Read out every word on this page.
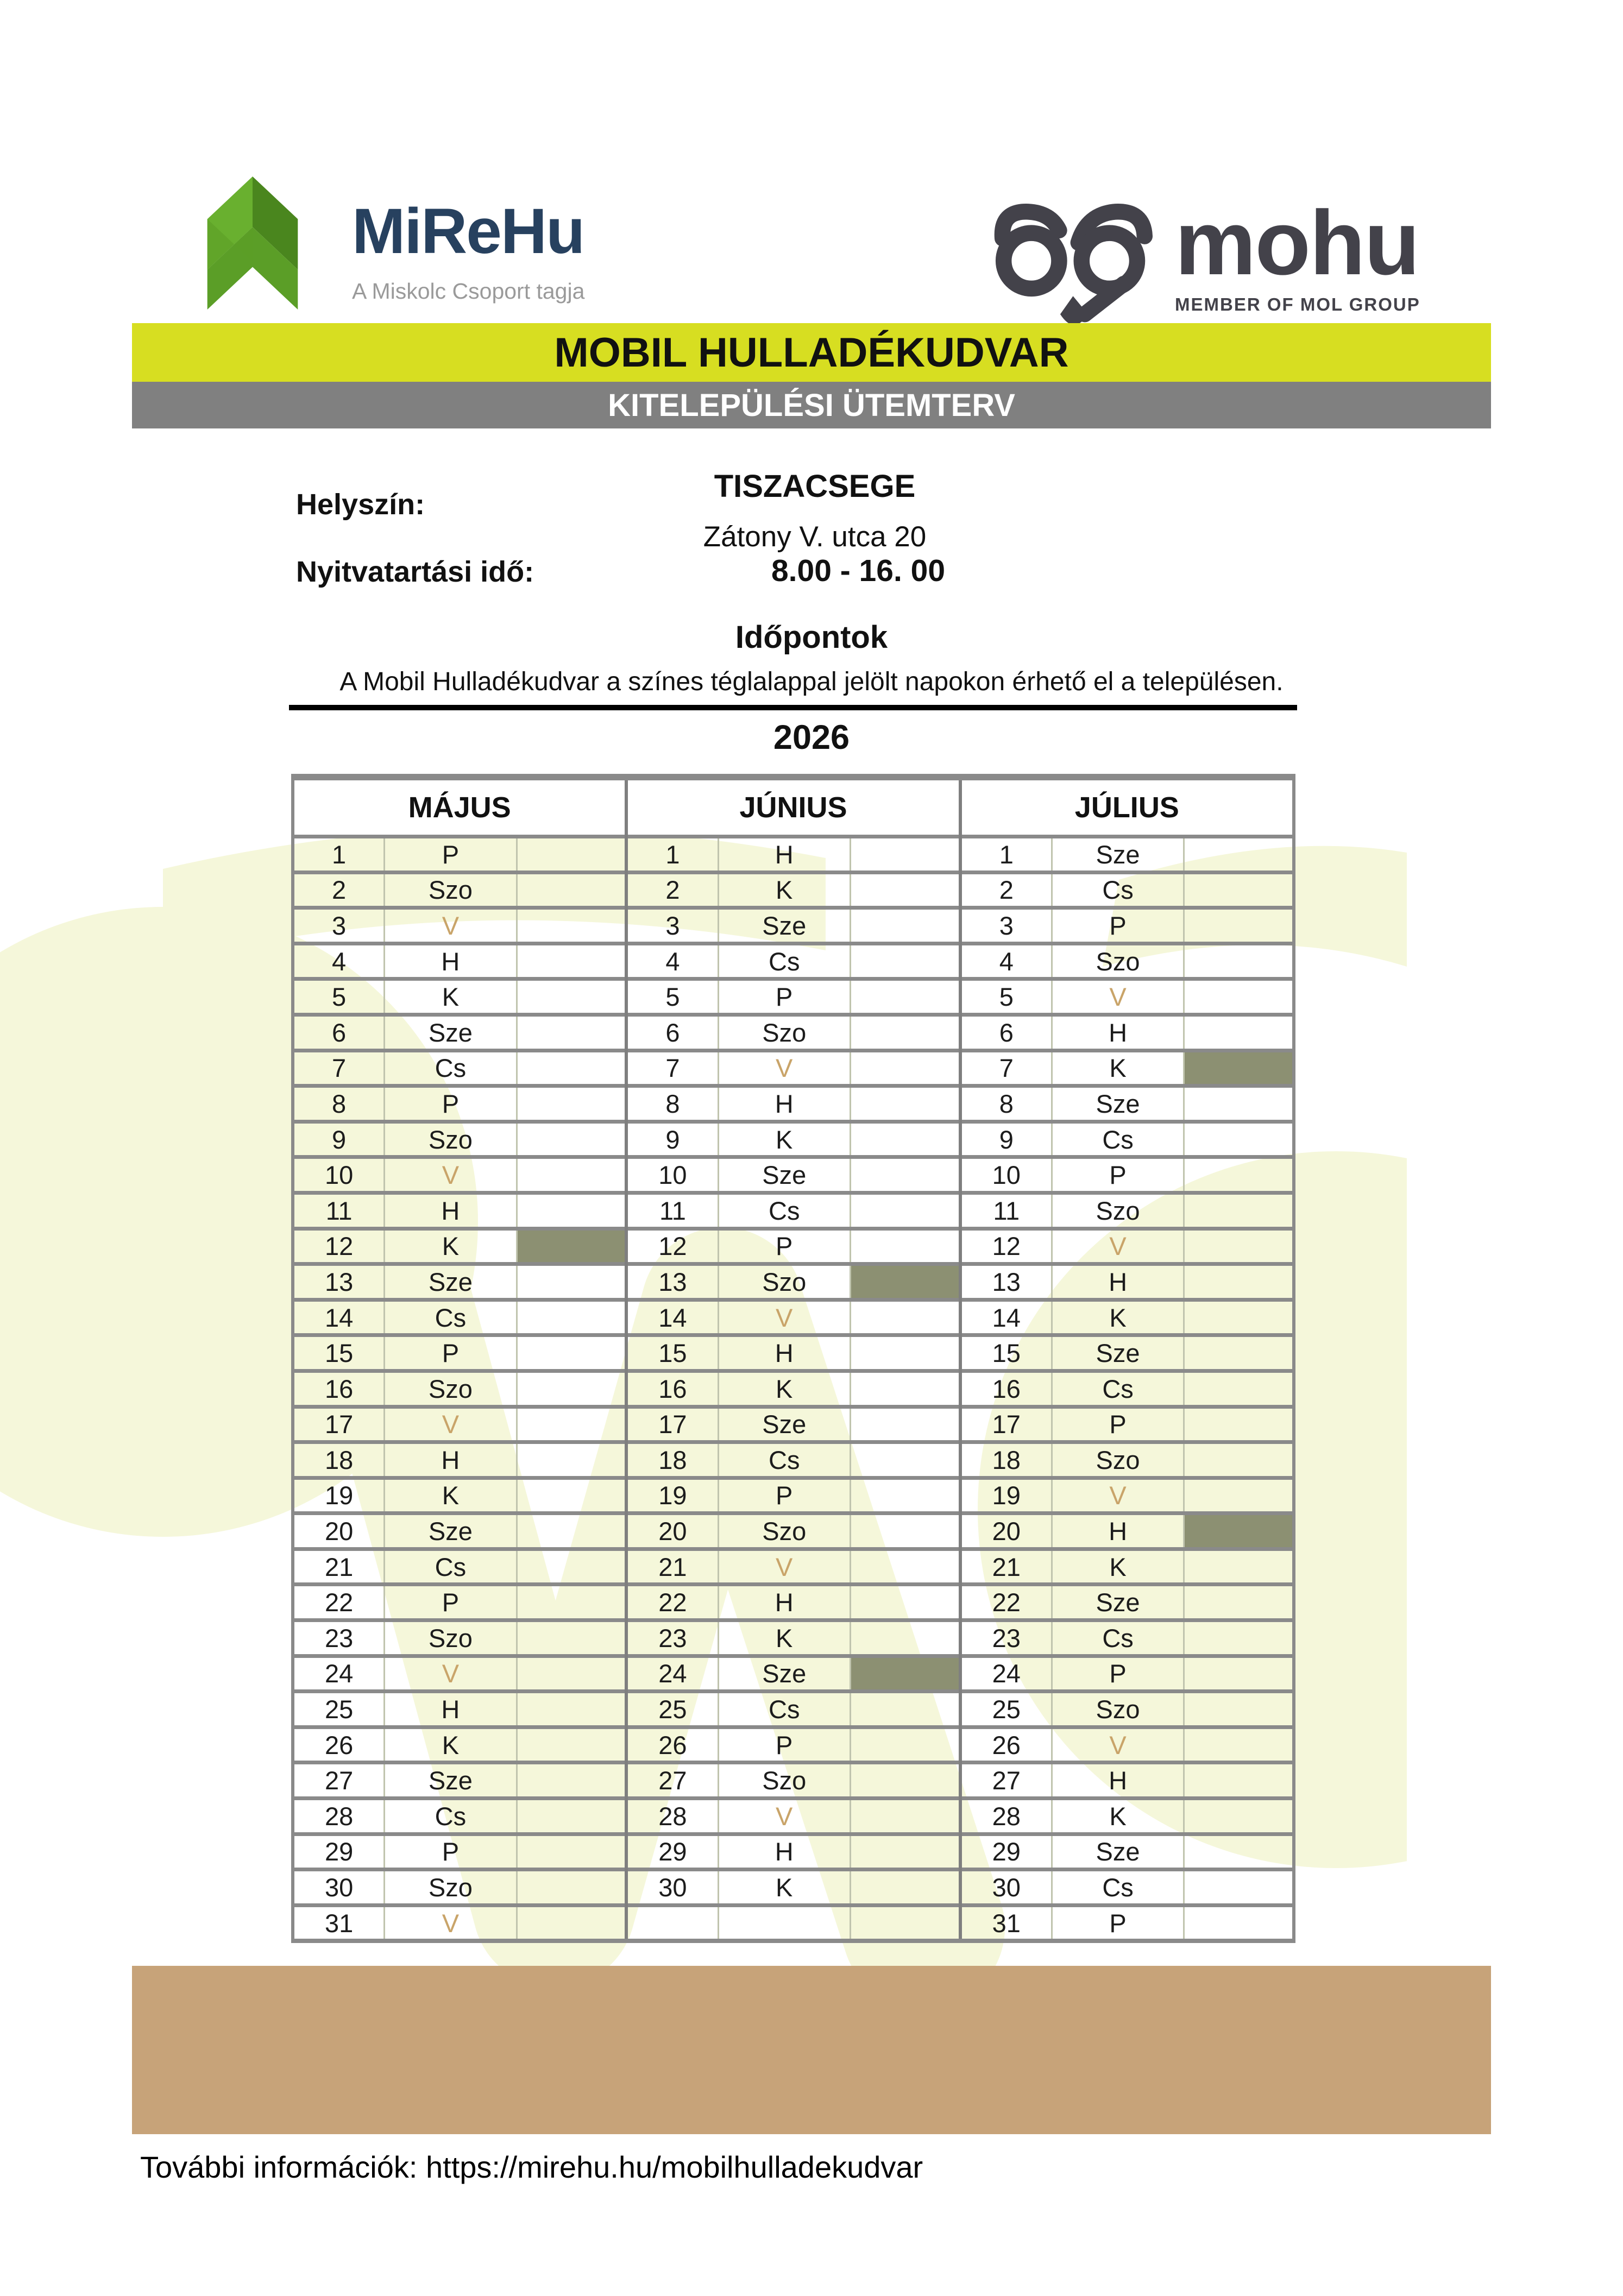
MiReHu
A Miskolc Csoport tagja	mohu
MEMBER OF MOL GROUP
MOBIL HULLADÉKUDVAR
KITELEPÜLÉSI ÜTEMTERV
Helyszín:
TISZACSEGE
Zátony V. utca 20
Nyitvatartási idő:	8.00 - 16. 00
Időpontok
A Mobil Hulladékudvar a színes téglalappal jelölt napokon érhető el a településen.
2026
MÁJUS
1	P
2	Szo
3	V
4	H
5	K
6	Sze
7	Cs
8	P
9	Szo
10	V
11	H
12	K
13	Sze
14	Cs
15	P
16	Szo
17	V
18	H
19	K
20	Sze
21	Cs
22	P
23	Szo
24	V
25	H
26	K
27	Sze
28	Cs
29	P
30	Szo
31	V
JÚNIUS
1	H
2	K
3	Sze
4	Cs
5	P
6	Szo
7	V
8	H
9	K
10	Sze
11	Cs
12	P
13	Szo
14	V
15	H
16	K
17	Sze
18	Cs
19	P
20	Szo
21	V
22	H
23	K
24	Sze
25	Cs
26	P
27	Szo
28	V
29	H
30	K
JÚLIUS
1	Sze
2	Cs
3	P
4	Szo
5	V
6	H
7	K
8	Sze
9	Cs
10	P
11	Szo
12	V
13	H
14	K
15	Sze
16	Cs
17	P
18	Szo
19	V
20	H
21	K
22	Sze
23	Cs
24	P
25	Szo
26	V
27	H
28	K
29	Sze
30	Cs
31	P
További információk: https://mirehu.hu/mobilhulladekudvar
